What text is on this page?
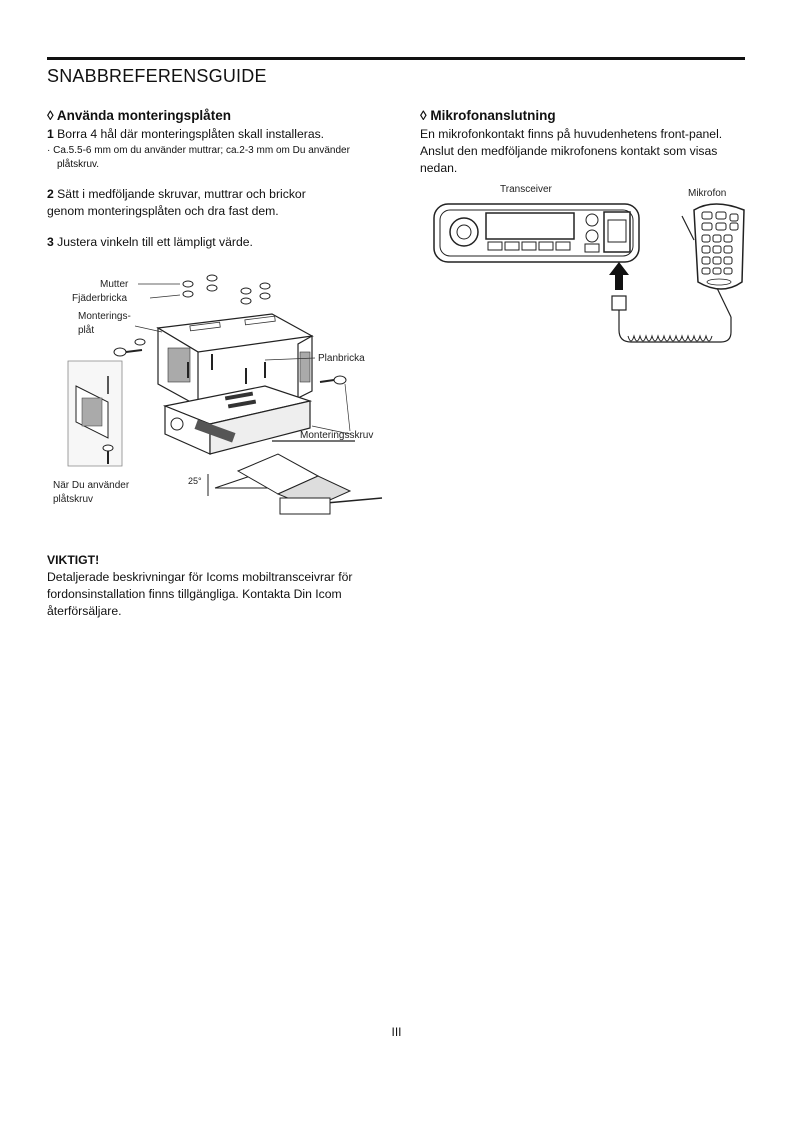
SNABBREFERENSGUIDE
◊ Använda monteringsplåten

1 Borra 4 hål där monteringsplåten skall installeras.

· Ca.5.5-6 mm om du använder muttrar; ca.2-3 mm om Du använder plåtskruv.

2 Sätt i medföljande skruvar, muttrar och brickor genom monteringsplåten och dra fast dem.

3 Justera vinkeln till ett lämpligt värde.

Mutter
Fjäderbricka
Monterings-
plåt
Planbricka
Monteringsskruv
25°
När Du använder
plåtskruv
◊ Mikrofonanslutning

En mikrofonkontakt finns på huvudenhetens front-panel. Anslut den medföljande mikrofonens kontakt som visas nedan.

Transceiver	Mikrofon

VIKTIGT!

Detaljerade beskrivningar för Icoms mobiltransceivrar för fordonsinstallation finns tillgängliga. Kontakta Din Icom återförsäljare.

III
